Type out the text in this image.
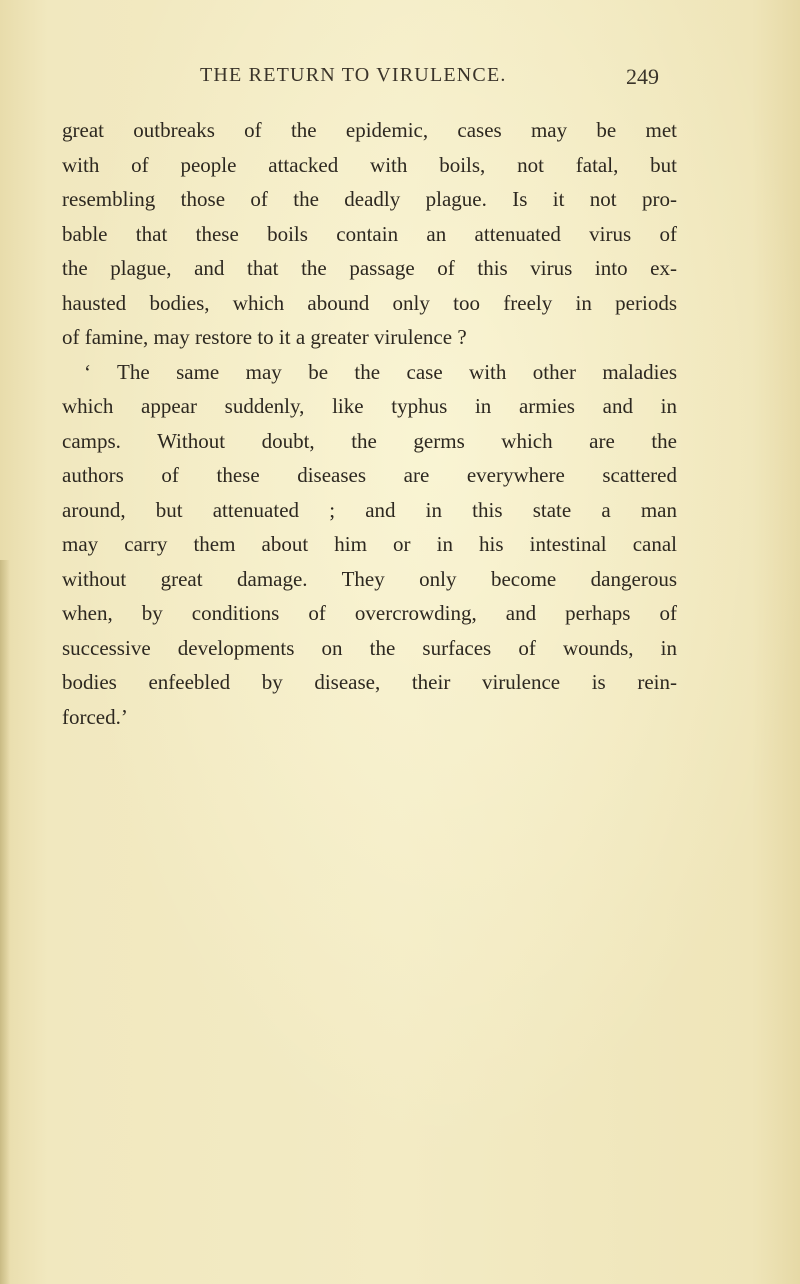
THE RETURN TO VIRULENCE.	249
great outbreaks of the epidemic, cases may be met
with of people attacked with boils, not fatal, but
resembling those of the deadly plague. Is it not pro-
bable that these boils contain an attenuated virus of
the plague, and that the passage of this virus into ex-
hausted bodies, which abound only too freely in periods
of famine, may restore to it a greater virulence ?
‘ The same may be the case with other maladies
which appear suddenly, like typhus in armies and in
camps. Without doubt, the germs which are the
authors of these diseases are everywhere scattered
around, but attenuated ; and in this state a man
may carry them about him or in his intestinal canal
without great damage. They only become dangerous
when, by conditions of overcrowding, and perhaps of
successive developments on the surfaces of wounds, in
bodies enfeebled by disease, their virulence is rein-
forced.’
